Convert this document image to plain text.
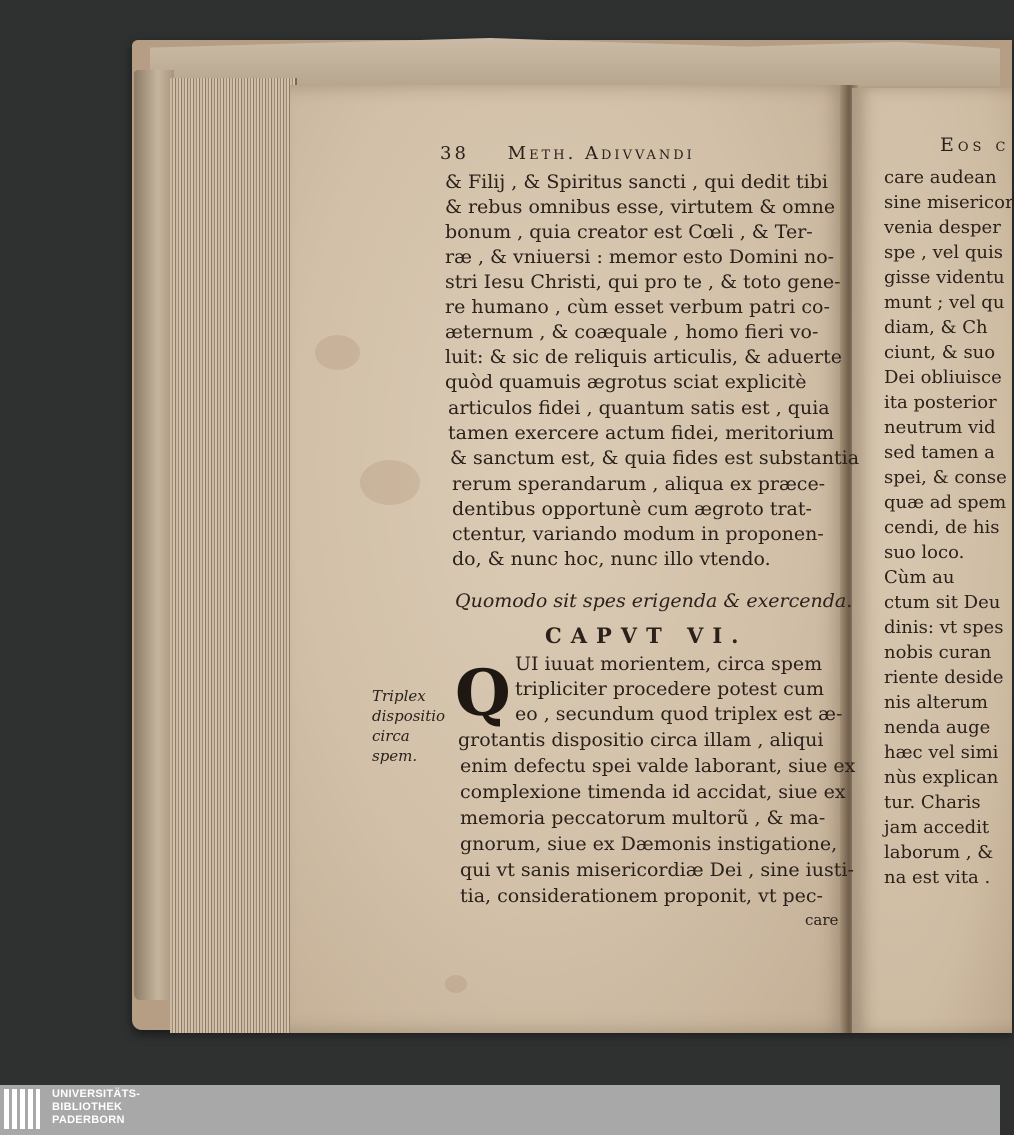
38 Meth. Adivvandi
& Filij , & Spiritus sancti , qui dedit tibi
& rebus omnibus esse, virtutem & omne
bonum , quia creator est Cœli , & Ter-
ræ , & vniuersi : memor esto Domini no-
stri Iesu Christi, qui pro te , & toto gene-
re humano , cùm esset verbum patri co-
æternum , & coæquale , homo fieri vo-
luit: & sic de reliquis articulis, & aduerte
quòd quamuis ægrotus sciat explicitè
articulos fidei , quantum satis est , quia
tamen exercere actum fidei, meritorium
& sanctum est, & quia fides est substantia
rerum sperandarum , aliqua ex præce-
dentibus opportunè cum ægroto trat-
ctentur, variando modum in proponen-
do, & nunc hoc, nunc illo vtendo.
Quomodo sit spes erigenda & exercenda.
CAPVT VI.
Q
Triplex dispositio circa spem.
UI iuuat morientem, circa spem
tripliciter procedere potest cum
eo , secundum quod triplex est æ-
grotantis dispositio circa illam , aliqui
enim defectu spei valde laborant, siue ex
complexione timenda id accidat, siue ex
memoria peccatorum multorũ , & ma-
gnorum, siue ex Dæmonis instigatione,
qui vt sanis misericordiæ Dei , sine iusti-
tia, considerationem proponit, vt pec-
care
Eos c
care audean
sine misericor
venia desper
spe , vel quis
gisse videntu
munt ; vel qu
diam, & Ch
ciunt, & suo
Dei obliuisce
ita posterior
neutrum vid
sed tamen a
spei, & conse
quæ ad spem
cendi, de his
suo loco.
Cùm au
ctum sit Deu
dinis: vt spes
nobis curan
riente deside
nis alterum
nenda auge
hæc vel simi
nùs explican
tur. Charis
jam accedit
laborum , &
na est vita .
UNIVERSITÄTS-
BIBLIOTHEK
PADERBORN
